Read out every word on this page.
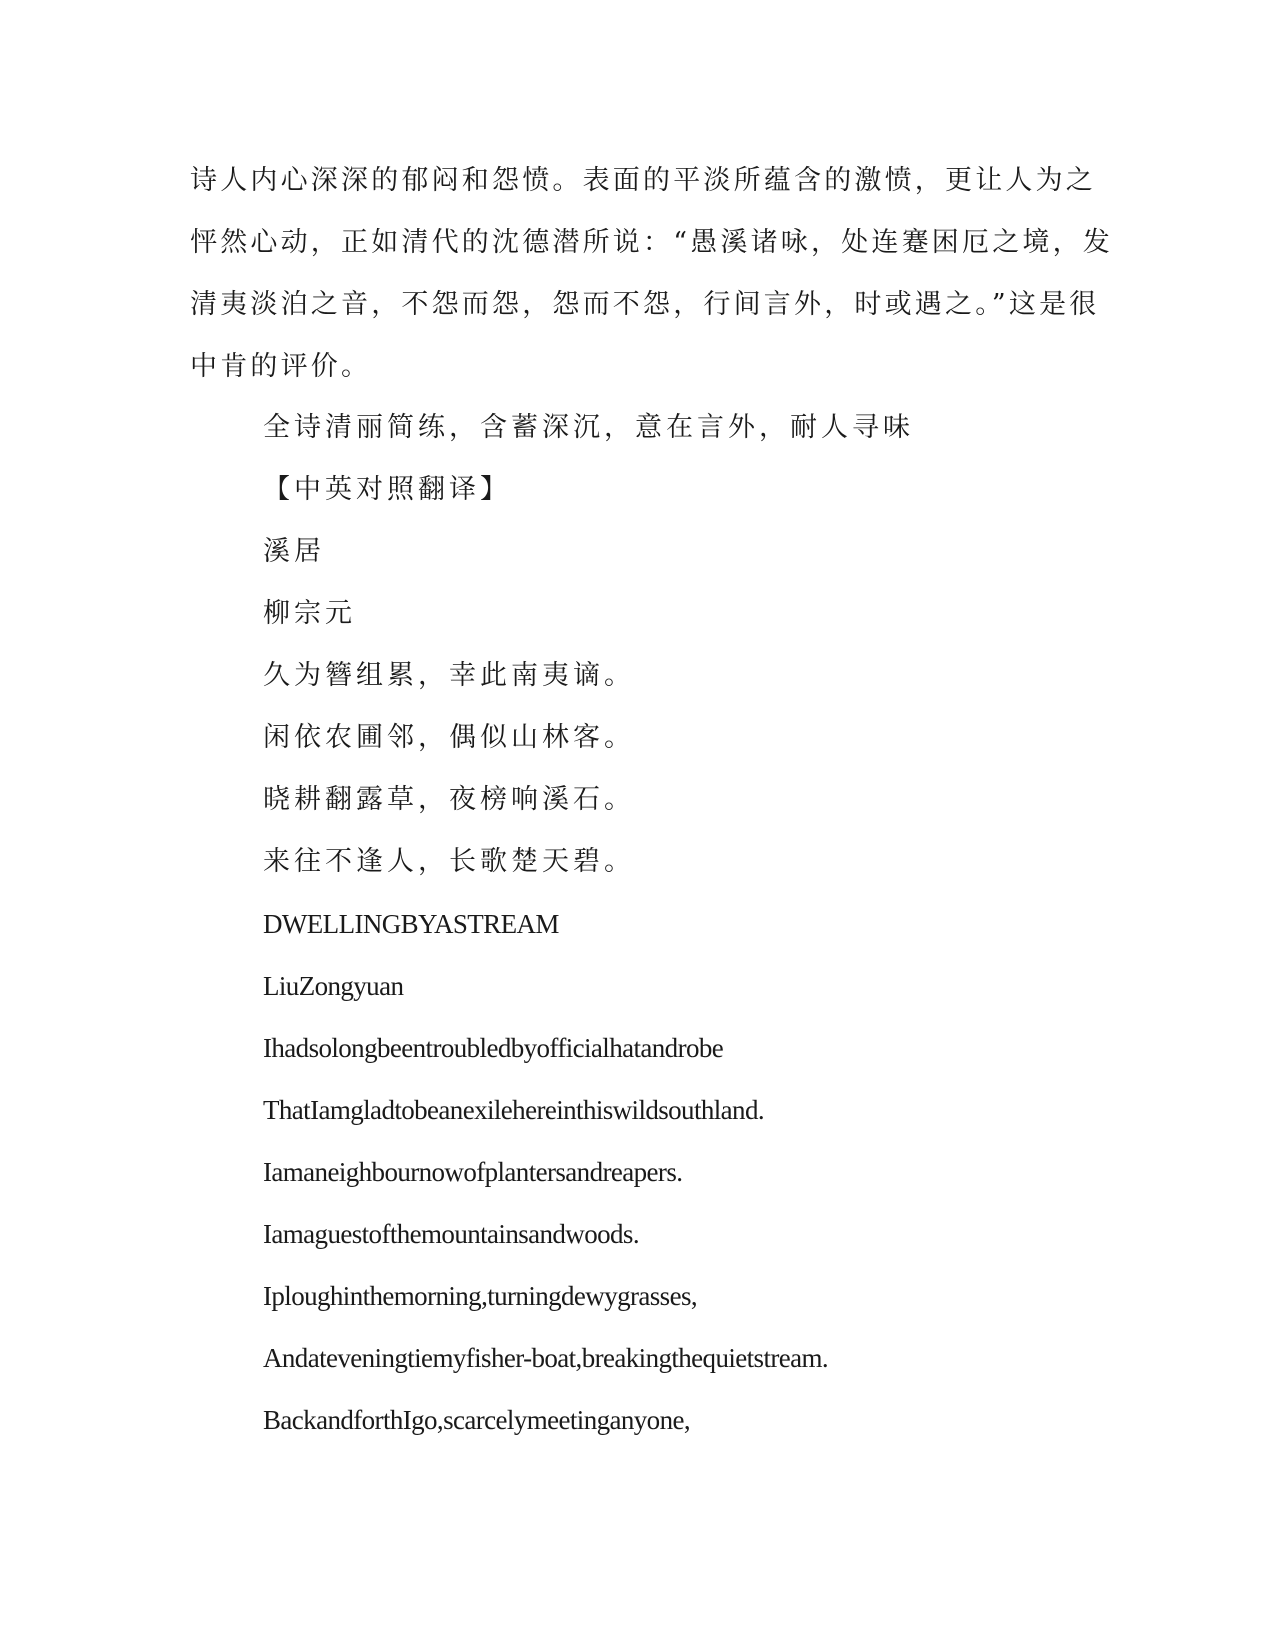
诗人内心深深的郁闷和怨愤。表面的平淡所蕴含的激愤，更让人为之
怦然心动，正如清代的沈德潜所说：“愚溪诸咏，处连蹇困厄之境，发
清夷淡泊之音，不怨而怨，怨而不怨，行间言外，时或遇之。”这是很
中肯的评价。
全诗清丽简练，含蓄深沉，意在言外，耐人寻味
【中英对照翻译】
溪居
柳宗元
久为簪组累，幸此南夷谪。
闲依农圃邻，偶似山林客。
晓耕翻露草，夜榜响溪石。
来往不逢人，长歌楚天碧。
DWELLINGBYASTREAM
LiuZongyuan
Ihadsolongbeentroubledbyofficialhatandrobe
ThatIamgladtobeanexilehereinthiswildsouthland.
Iamaneighbournowofplantersandreapers.
Iamaguestofthemountainsandwoods.
Iploughinthemorning,turningdewygrasses,
Andateveningtiemyfisher-boat,breakingthequietstream.
BackandforthIgo,scarcelymeetinganyone,
